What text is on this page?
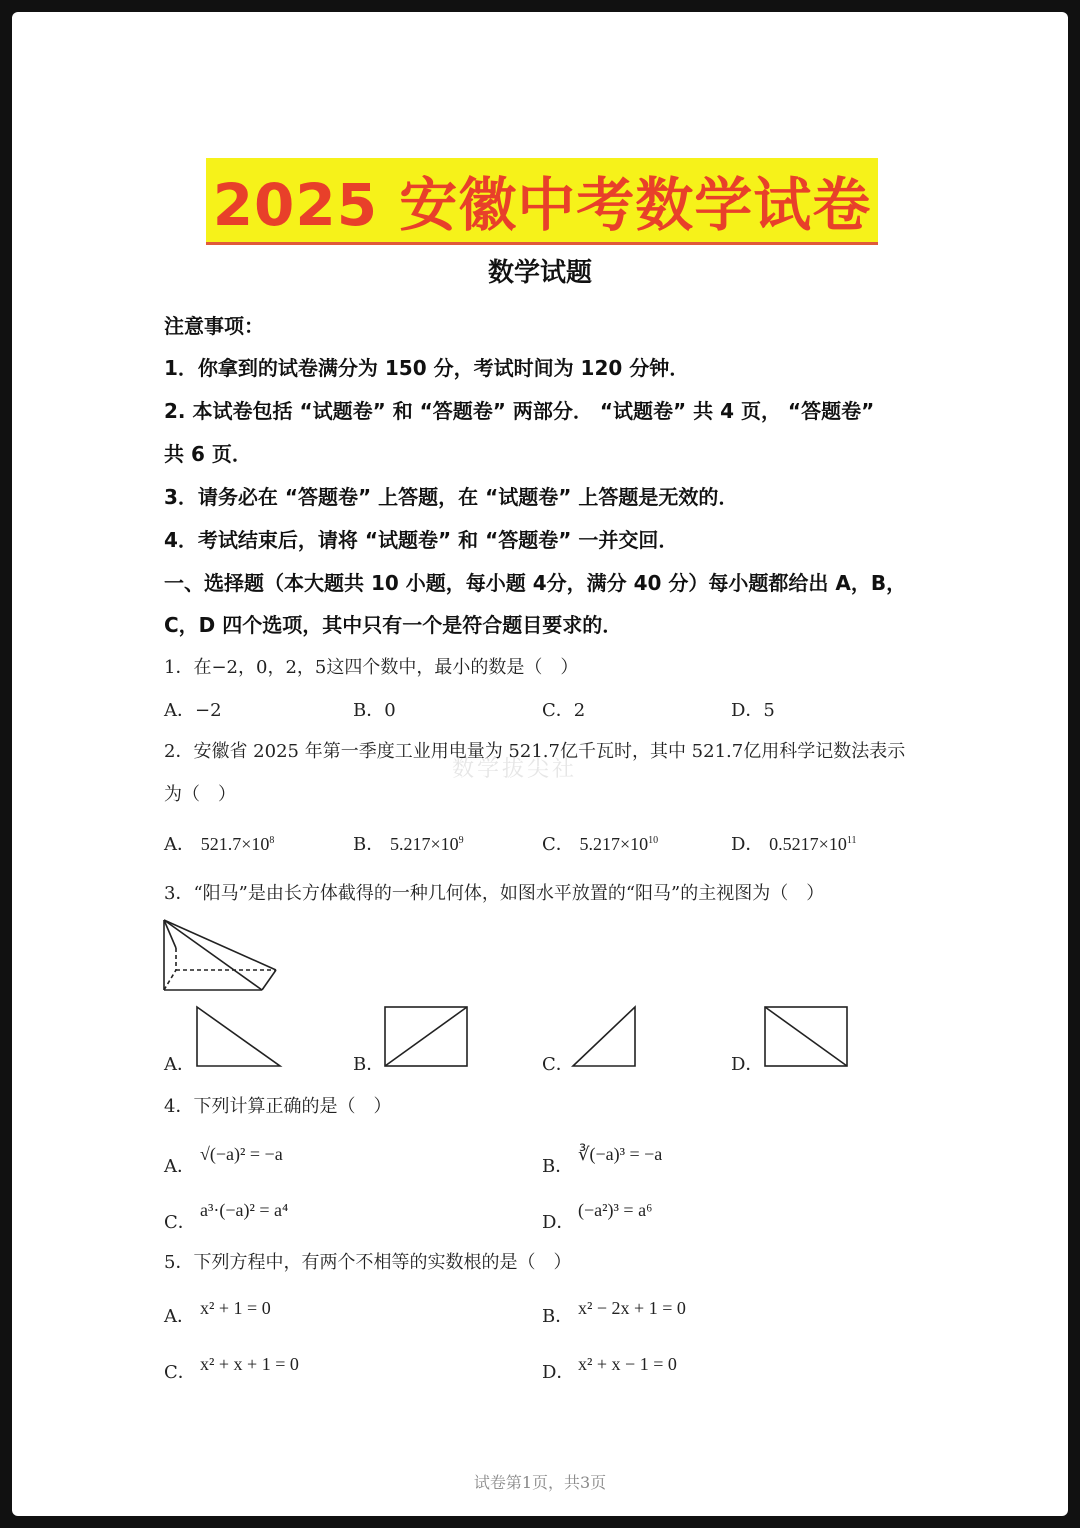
2025 安徽中考数学试卷
数学试题
注意事项：
1．你拿到的试卷满分为 150 分，考试时间为 120 分钟．
2. 本试卷包括 “试题卷” 和 “答题卷” 两部分． “试题卷” 共 4 页， “答题卷”
共 6 页．
3．请务必在 “答题卷” 上答题，在 “试题卷” 上答题是无效的．
4．考试结束后，请将 “试题卷” 和 “答题卷” 一并交回．
一、选择题（本大题共 10 小题，每小题 4分，满分 40 分）每小题都给出 A，B，
C，D 四个选项，其中只有一个是符合题目要求的．
1．在−2，0，2，5这四个数中，最小的数是（　）
A．−2	B．0	C．2	D．5
2．安徽省 2025 年第一季度工业用电量为 521.7亿千瓦时，其中 521.7亿用科学记数法表示
为（　）
数学拔尖社
A． $521.7\times 10^8$	B． $5.217\times 10^9$	C． $5.217\times 10^{10}$	D． $0.5217\times 10^{11}$
3．“阳马”是由长方体截得的一种几何体，如图水平放置的“阳马”的主视图为（　）
A．	B．	C．	D．
4．下列计算正确的是（　）
A．
√(−a)² = −a
B．
∛(−a)³ = −a
C．
a³·(−a)² = a⁴
D．
(−a²)³ = a⁶
5．下列方程中，有两个不相等的实数根的是（　）
A． x² + 1 = 0	B． x² − 2x + 1 = 0
C． x² + x + 1 = 0	D． x² + x − 1 = 0
试卷第1页，共3页
